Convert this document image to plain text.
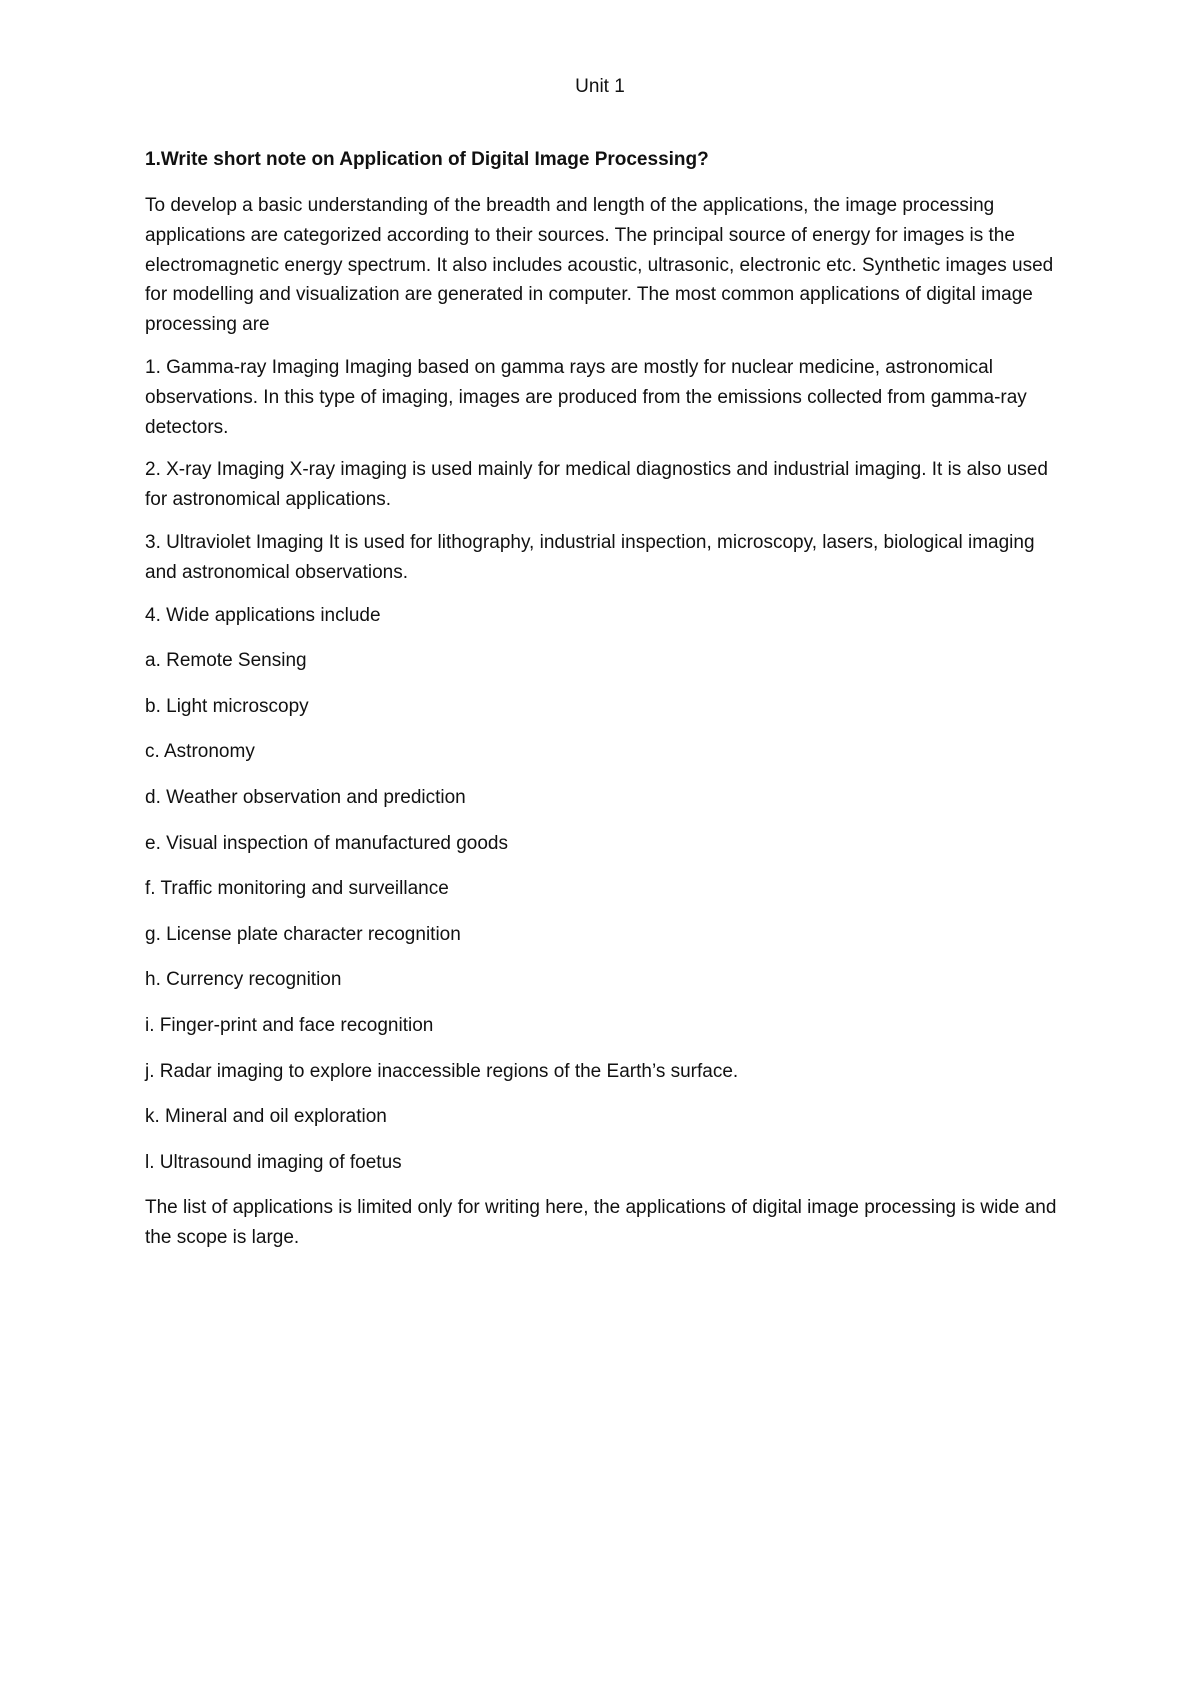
Unit 1

1.Write short note on Application of Digital Image Processing?

To develop a basic understanding of the breadth and length of the applications, the image processing applications are categorized according to their sources. The principal source of energy for images is the electromagnetic energy spectrum. It also includes acoustic, ultrasonic, electronic etc. Synthetic images used for modelling and visualization are generated in computer. The most common applications of digital image processing are

1. Gamma-ray Imaging Imaging based on gamma rays are mostly for nuclear medicine, astronomical observations. In this type of imaging, images are produced from the emissions collected from gamma-ray detectors.

2. X-ray Imaging X-ray imaging is used mainly for medical diagnostics and industrial imaging. It is also used for astronomical applications.

3. Ultraviolet Imaging It is used for lithography, industrial inspection, microscopy, lasers, biological imaging and astronomical observations.

4. Wide applications include

a. Remote Sensing

b. Light microscopy

c. Astronomy

d. Weather observation and prediction

e. Visual inspection of manufactured goods

f. Traffic monitoring and surveillance

g. License plate character recognition

h. Currency recognition

i. Finger-print and face recognition

j. Radar imaging to explore inaccessible regions of the Earth’s surface.

k. Mineral and oil exploration

l. Ultrasound imaging of foetus

The list of applications is limited only for writing here, the applications of digital image processing is wide and the scope is large.
